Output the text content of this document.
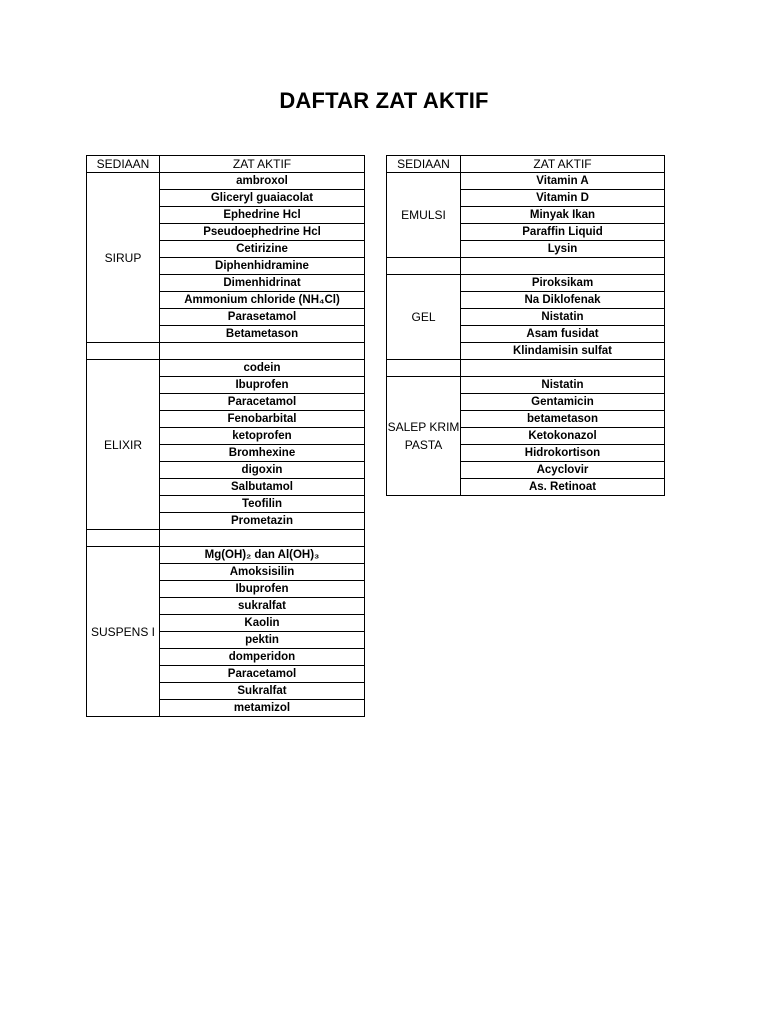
DAFTAR ZAT AKTIF
SEDIAAN	ZAT AKTIF
SIRUP	ambroxol
	Gliceryl guaiacolat
	Ephedrine Hcl
	Pseudoephedrine Hcl
	Cetirizine
	Diphenhidramine
	Dimenhidrinat
	Ammonium chloride (NH₄Cl)
	Parasetamol
	Betametason

ELIXIR	codein
	Ibuprofen
	Paracetamol
	Fenobarbital
	ketoprofen
	Bromhexine
	digoxin
	Salbutamol
	Teofilin
	Prometazin

SUSPENS I	Mg(OH)₂ dan Al(OH)₃
	Amoksisilin
	Ibuprofen
	sukralfat
	Kaolin
	pektin
	domperidon
	Paracetamol
	Sukralfat
	metamizol
SEDIAAN	ZAT AKTIF
EMULSI	Vitamin A
	Vitamin D
	Minyak Ikan
	Paraffin Liquid
	Lysin

GEL	Piroksikam
	Na Diklofenak
	Nistatin
	Asam fusidat
	Klindamisin sulfat

SALEP KRIM PASTA	Nistatin
	Gentamicin
	betametason
	Ketokonazol
	Hidrokortison
	Acyclovir
	As. Retinoat
